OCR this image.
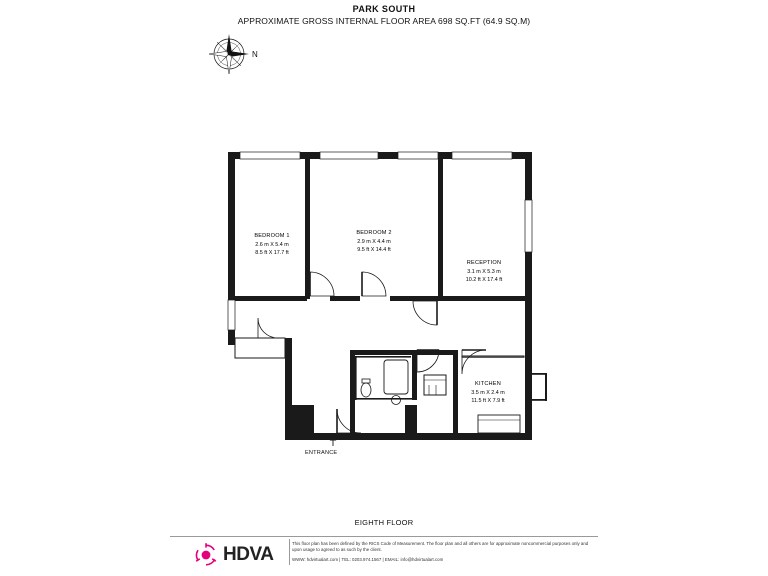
PARK SOUTH
APPROXIMATE GROSS INTERNAL FLOOR AREA 698 SQ.FT (64.9 SQ.M)
N
BEDROOM 1
2.6 m X 5.4 m
8.5 ft X 17.7 ft
BEDROOM 2
2.9 m X 4.4 m
9.5 ft X 14.4 ft
RECEPTION
3.1 m X 5.3 m
10.2 ft X 17.4 ft
KITCHEN
3.5 m X 2.4 m
11.5 ft X 7.9 ft
ENTRANCE
EIGHTH FLOOR
HDVA
This floor plan has been defined by the RICS Code of Measurement. The floor plan and all others are for approximate noncommercial purposes only and upon usage to agreed to as such by the client.
WWW: hdvirtualart.com | TEL: 0203.974.1567 | EMAIL: info@hdvirtualart.com
